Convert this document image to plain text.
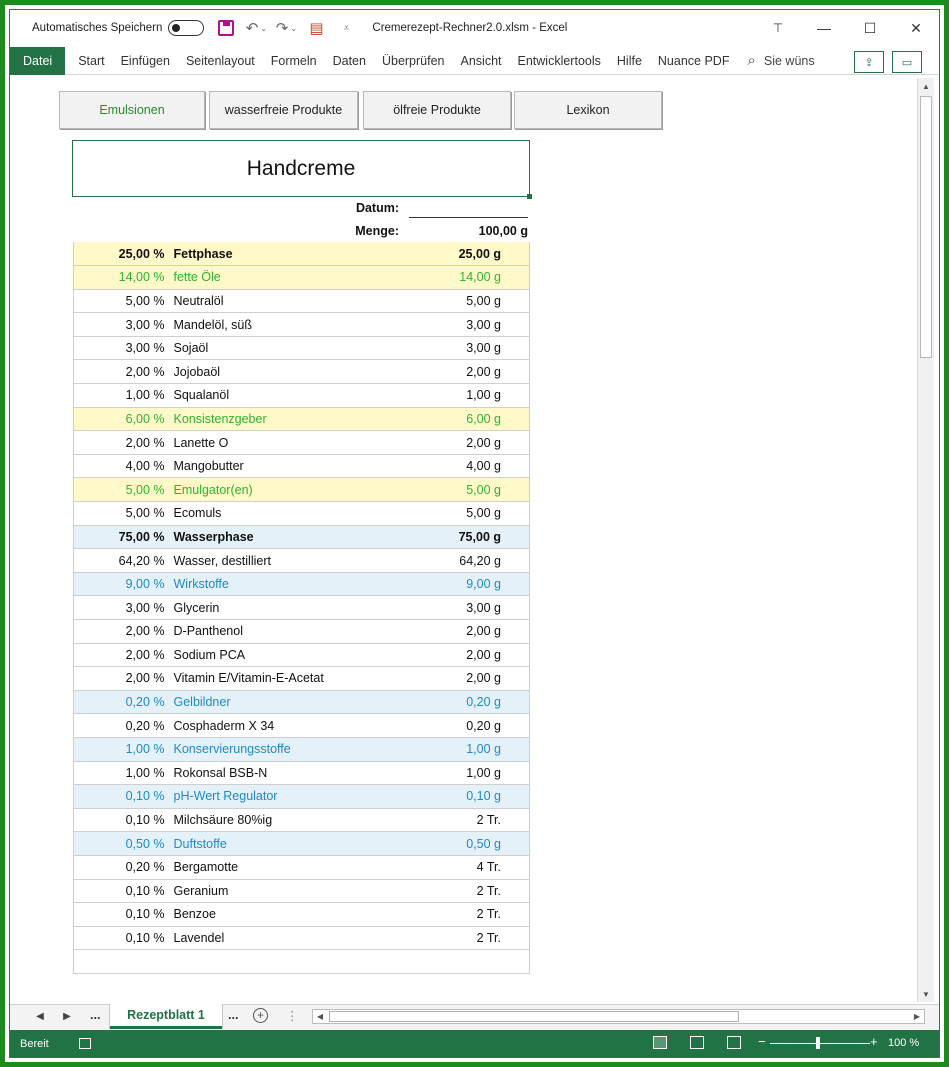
Automatisches Speichern	↶ ⌄ ↷ ⌄ ▤	⩡	Cremerezept-Rechner2.0.xlsm - Excel	⊤	—	☐	✕
Datei	Start	Einfügen	Seitenlayout	Formeln	Daten	Überprüfen	Ansicht	Entwicklertools	Hilfe	Nuance PDF	⌕ Sie wüns	⇪	▭
▲
▼
Emulsionen	wasserfreie Produkte	ölfreie Produkte	Lexikon
Handcreme
Datum:
Menge:	100,00 g
25,00 %	Fettphase	25,00 g
14,00 %	fette Öle	14,00 g
5,00 %	Neutralöl	5,00 g
3,00 %	Mandelöl, süß	3,00 g
3,00 %	Sojaöl	3,00 g
2,00 %	Jojobaöl	2,00 g
1,00 %	Squalanöl	1,00 g
6,00 %	Konsistenzgeber	6,00 g
2,00 %	Lanette O	2,00 g
4,00 %	Mangobutter	4,00 g
5,00 %	Emulgator(en)	5,00 g
5,00 %	Ecomuls	5,00 g
75,00 %	Wasserphase	75,00 g
64,20 %	Wasser, destilliert	64,20 g
9,00 %	Wirkstoffe	9,00 g
3,00 %	Glycerin	3,00 g
2,00 %	D-Panthenol	2,00 g
2,00 %	Sodium PCA	2,00 g
2,00 %	Vitamin E/Vitamin-E-Acetat	2,00 g
0,20 %	Gelbildner	0,20 g
0,20 %	Cosphaderm X 34	0,20 g
1,00 %	Konservierungsstoffe	1,00 g
1,00 %	Rokonsal BSB-N	1,00 g
0,10 %	pH-Wert Regulator	0,10 g
0,10 %	Milchsäure 80%ig	2 Tr.
0,50 %	Duftstoffe	0,50 g
0,20 %	Bergamotte	4 Tr.
0,10 %	Geranium	2 Tr.
0,10 %	Benzoe	2 Tr.
0,10 %	Lavendel	2 Tr.

◀	▶	...	Rezeptblatt 1	...	+	⋮	◀	▶
Bereit	−	+ 100 %
